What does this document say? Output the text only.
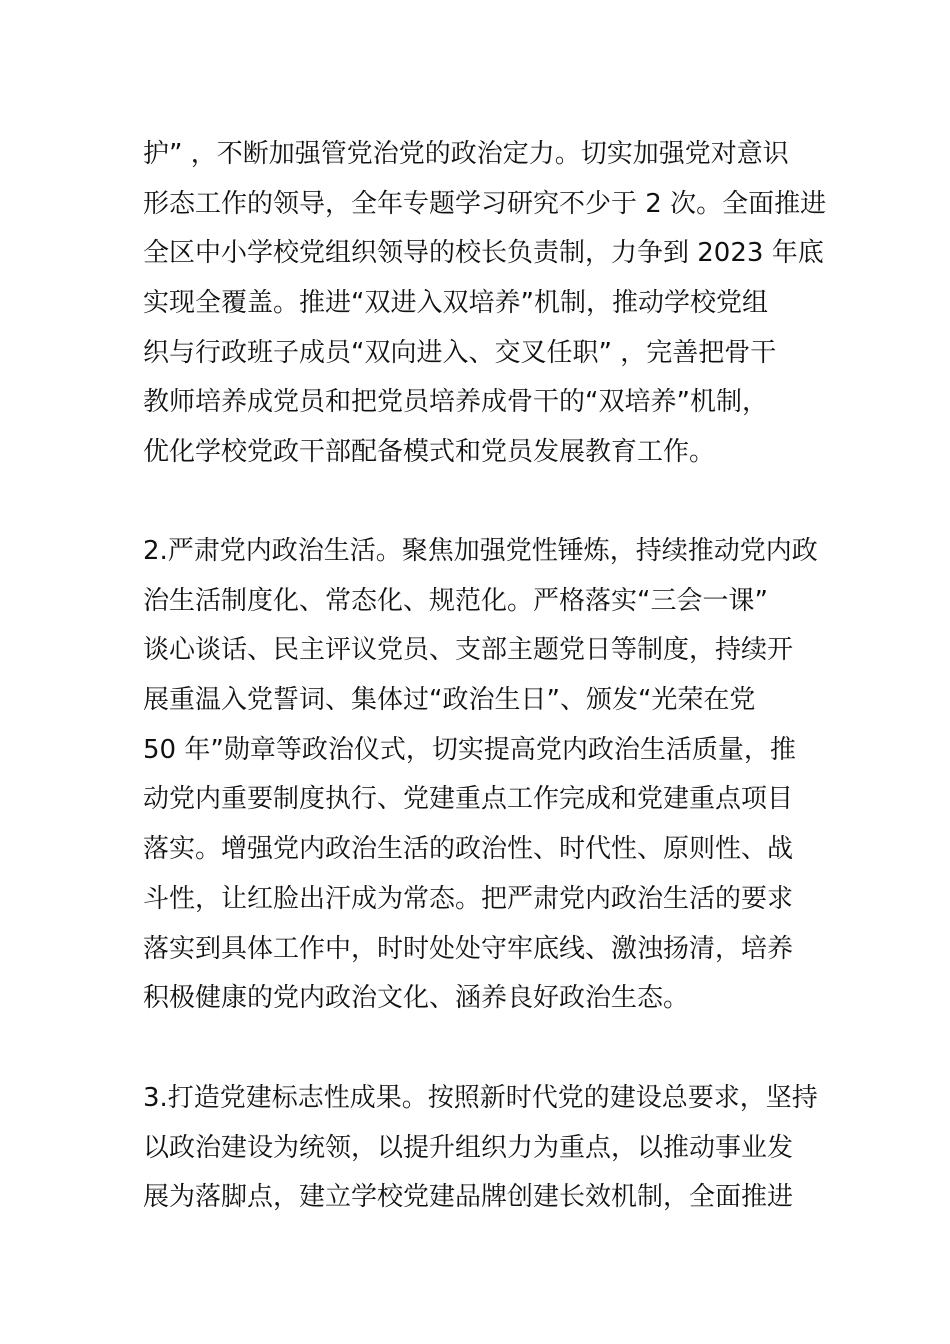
护” ，不断加强管党治党的政治定力。切实加强党对意识
形态工作的领导，全年专题学习研究不少于 2 次。全面推进
全区中小学校党组织领导的校长负责制，力争到 2023 年底
实现全覆盖。推进“双进入双培养”机制，推动学校党组
织与行政班子成员“双向进入、交叉任职” ，完善把骨干
教师培养成党员和把党员培养成骨干的“双培养”机制，
优化学校党政干部配备模式和党员发展教育工作。

2.严肃党内政治生活。聚焦加强党性锤炼，持续推动党内政
治生活制度化、常态化、规范化。严格落实“三会一课”
谈心谈话、民主评议党员、支部主题党日等制度，持续开
展重温入党誓词、集体过“政治生日”、颁发“光荣在党
50 年”勋章等政治仪式，切实提高党内政治生活质量，推
动党内重要制度执行、党建重点工作完成和党建重点项目
落实。增强党内政治生活的政治性、时代性、原则性、战
斗性，让红脸出汗成为常态。把严肃党内政治生活的要求
落实到具体工作中，时时处处守牢底线、激浊扬清，培养
积极健康的党内政治文化、涵养良好政治生态。

3.打造党建标志性成果。按照新时代党的建设总要求，坚持
以政治建设为统领，以提升组织力为重点，以推动事业发
展为落脚点，建立学校党建品牌创建长效机制，全面推进
